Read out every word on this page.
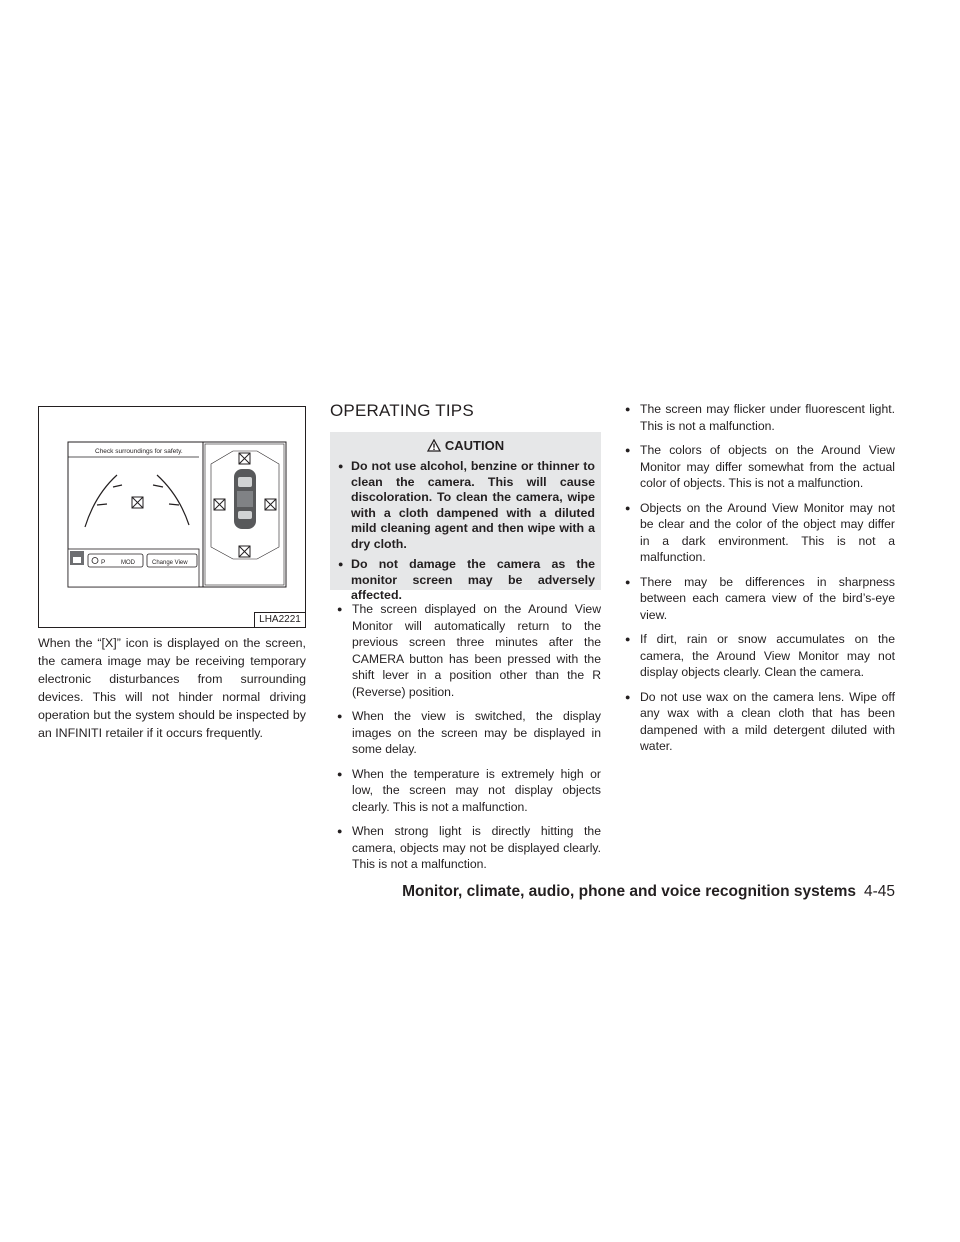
Check surroundings for safety.
P	MOD	Change View
LHA2221

When the “[X]” icon is displayed on the screen, the camera image may be receiving temporary electronic disturbances from surrounding devices. This will not hinder normal driving operation but the system should be inspected by an INFINITI retailer if it occurs frequently.

OPERATING TIPS
CAUTION
● Do not use alcohol, benzine or thinner to clean the camera. This will cause discoloration. To clean the camera, wipe with a cloth dampened with a diluted mild cleaning agent and then wipe with a dry cloth.
● Do not damage the camera as the monitor screen may be adversely affected.
● The screen displayed on the Around View Monitor will automatically return to the previous screen three minutes after the CAMERA button has been pressed with the shift lever in a position other than the R (Reverse) position.
● When the view is switched, the display images on the screen may be displayed in some delay.
● When the temperature is extremely high or low, the screen may not display objects clearly. This is not a malfunction.
● When strong light is directly hitting the camera, objects may not be displayed clearly. This is not a malfunction.
● The screen may flicker under fluorescent light. This is not a malfunction.
● The colors of objects on the Around View Monitor may differ somewhat from the actual color of objects. This is not a malfunction.
● Objects on the Around View Monitor may not be clear and the color of the object may differ in a dark environment. This is not a malfunction.
● There may be differences in sharpness between each camera view of the bird’s-eye view.
● If dirt, rain or snow accumulates on the camera, the Around View Monitor may not display objects clearly. Clean the camera.
● Do not use wax on the camera lens. Wipe off any wax with a clean cloth that has been dampened with a mild detergent diluted with water.
Monitor, climate, audio, phone and voice recognition systems 4-45
